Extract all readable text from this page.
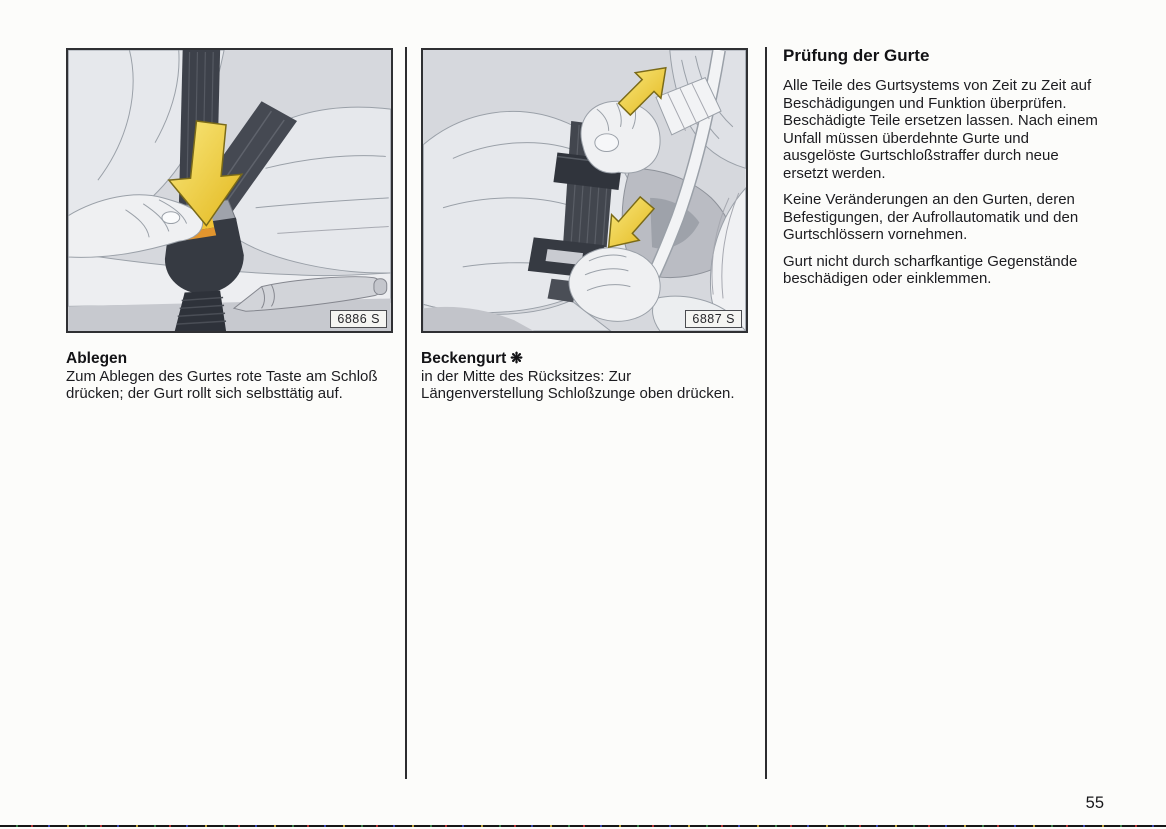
6886 S
Ablegen

Zum Ablegen des Gurtes rote Taste am Schloß drücken; der Gurt rollt sich selbsttätig auf.

6887 S
Beckengurt ❋

in der Mitte des Rücksitzes: Zur Längenverstellung Schloßzunge oben drücken.

Prüfung der Gurte

Alle Teile des Gurtsystems von Zeit zu Zeit auf Beschädigungen und Funktion überprüfen. Beschädigte Teile ersetzen lassen. Nach einem Unfall müssen überdehnte Gurte und ausgelöste Gurtschloßstraffer durch neue ersetzt werden.

Keine Veränderungen an den Gurten, deren Befestigungen, der Aufrollautomatik und den Gurtschlössern vornehmen.

Gurt nicht durch scharfkantige Gegenstände beschädigen oder einklemmen.

55
